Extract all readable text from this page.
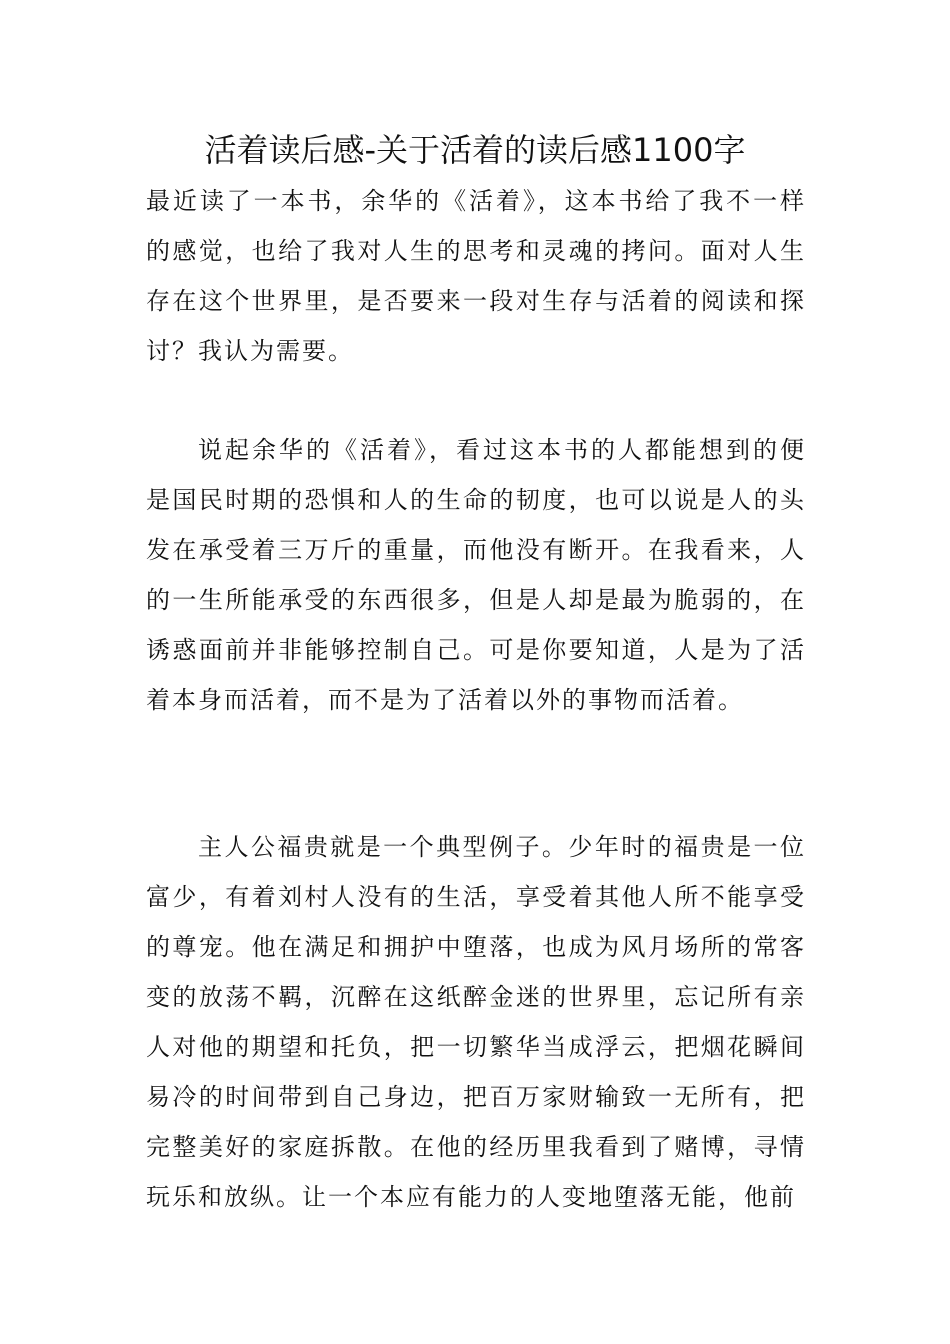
活着读后感-关于活着的读后感1100字

最近读了一本书，余华的《活着》，这本书给了我不一样的感觉，也给了我对人生的思考和灵魂的拷问。面对人生存在这个世界里，是否要来一段对生存与活着的阅读和探讨？我认为需要。

说起余华的《活着》，看过这本书的人都能想到的便是国民时期的恐惧和人的生命的韧度，也可以说是人的头发在承受着三万斤的重量，而他没有断开。在我看来，人的一生所能承受的东西很多，但是人却是最为脆弱的，在诱惑面前并非能够控制自己。可是你要知道，人是为了活着本身而活着，而不是为了活着以外的事物而活着。

主人公福贵就是一个典型例子。少年时的福贵是一位富少，有着刘村人没有的生活，享受着其他人所不能享受的尊宠。他在满足和拥护中堕落，也成为风月场所的常客变的放荡不羁，沉醉在这纸醉金迷的世界里，忘记所有亲人对他的期望和托负，把一切繁华当成浮云，把烟花瞬间易冷的时间带到自己身边，把百万家财输致一无所有，把完整美好的家庭拆散。在他的经历里我看到了赌博，寻情玩乐和放纵。让一个本应有能力的人变地堕落无能，他前
